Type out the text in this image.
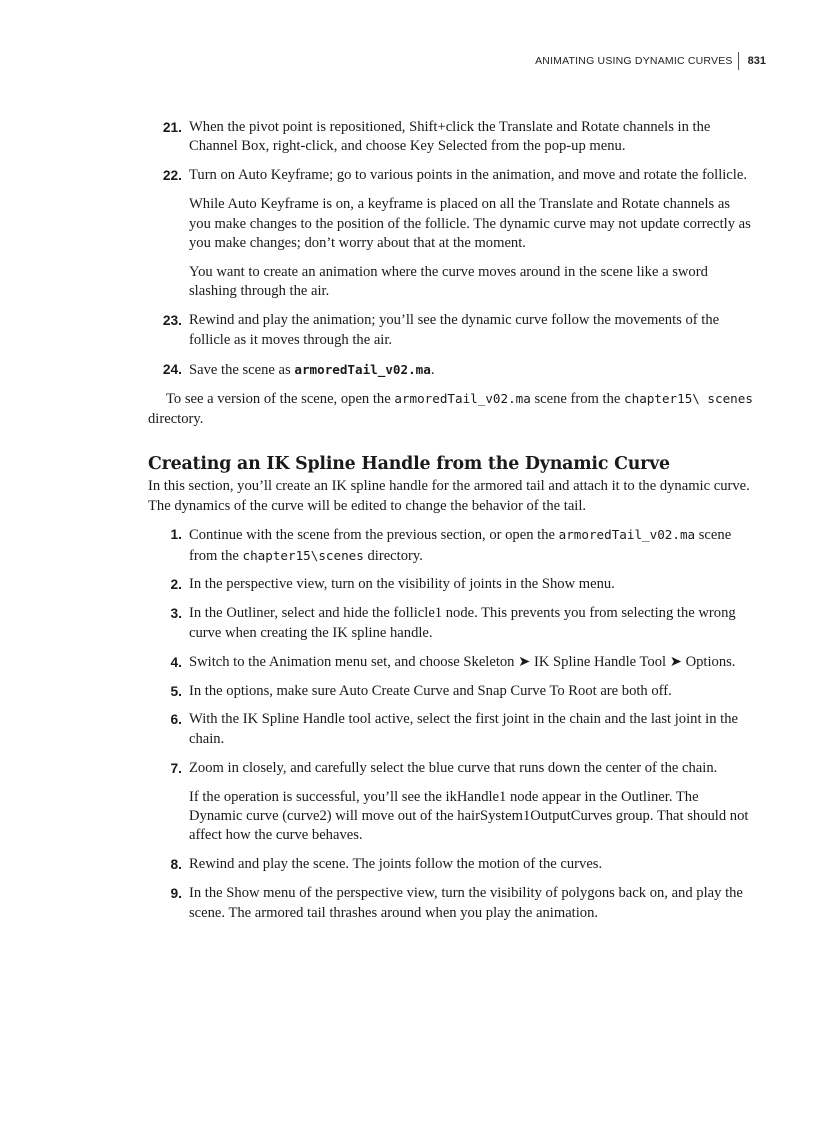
ANIMATING USING DYNAMIC CURVES 831
21. When the pivot point is repositioned, Shift+click the Translate and Rotate channels in the Channel Box, right-click, and choose Key Selected from the pop-up menu.

22. Turn on Auto Keyframe; go to various points in the animation, and move and rotate the follicle.

While Auto Keyframe is on, a keyframe is placed on all the Translate and Rotate channels as you make changes to the position of the follicle. The dynamic curve may not update correctly as you make changes; don’t worry about that at the moment.

You want to create an animation where the curve moves around in the scene like a sword slashing through the air.

23. Rewind and play the animation; you’ll see the dynamic curve follow the movements of the follicle as it moves through the air.

24. Save the scene as armoredTail_v02.ma.

To see a version of the scene, open the armoredTail_v02.ma scene from the chapter15\ scenes directory.

Creating an IK Spline Handle from the Dynamic Curve

In this section, you’ll create an IK spline handle for the armored tail and attach it to the dynamic curve. The dynamics of the curve will be edited to change the behavior of the tail.

1. Continue with the scene from the previous section, or open the armoredTail_v02.ma scene from the chapter15\scenes directory.

2. In the perspective view, turn on the visibility of joints in the Show menu.

3. In the Outliner, select and hide the follicle1 node. This prevents you from selecting the wrong curve when creating the IK spline handle.

4. Switch to the Animation menu set, and choose Skeleton ➤ IK Spline Handle Tool ➤ Options.

5. In the options, make sure Auto Create Curve and Snap Curve To Root are both off.

6. With the IK Spline Handle tool active, select the first joint in the chain and the last joint in the chain.

7. Zoom in closely, and carefully select the blue curve that runs down the center of the chain.

If the operation is successful, you’ll see the ikHandle1 node appear in the Outliner. The Dynamic curve (curve2) will move out of the hairSystem1OutputCurves group. That should not affect how the curve behaves.

8. Rewind and play the scene. The joints follow the motion of the curves.

9. In the Show menu of the perspective view, turn the visibility of polygons back on, and play the scene. The armored tail thrashes around when you play the animation.
